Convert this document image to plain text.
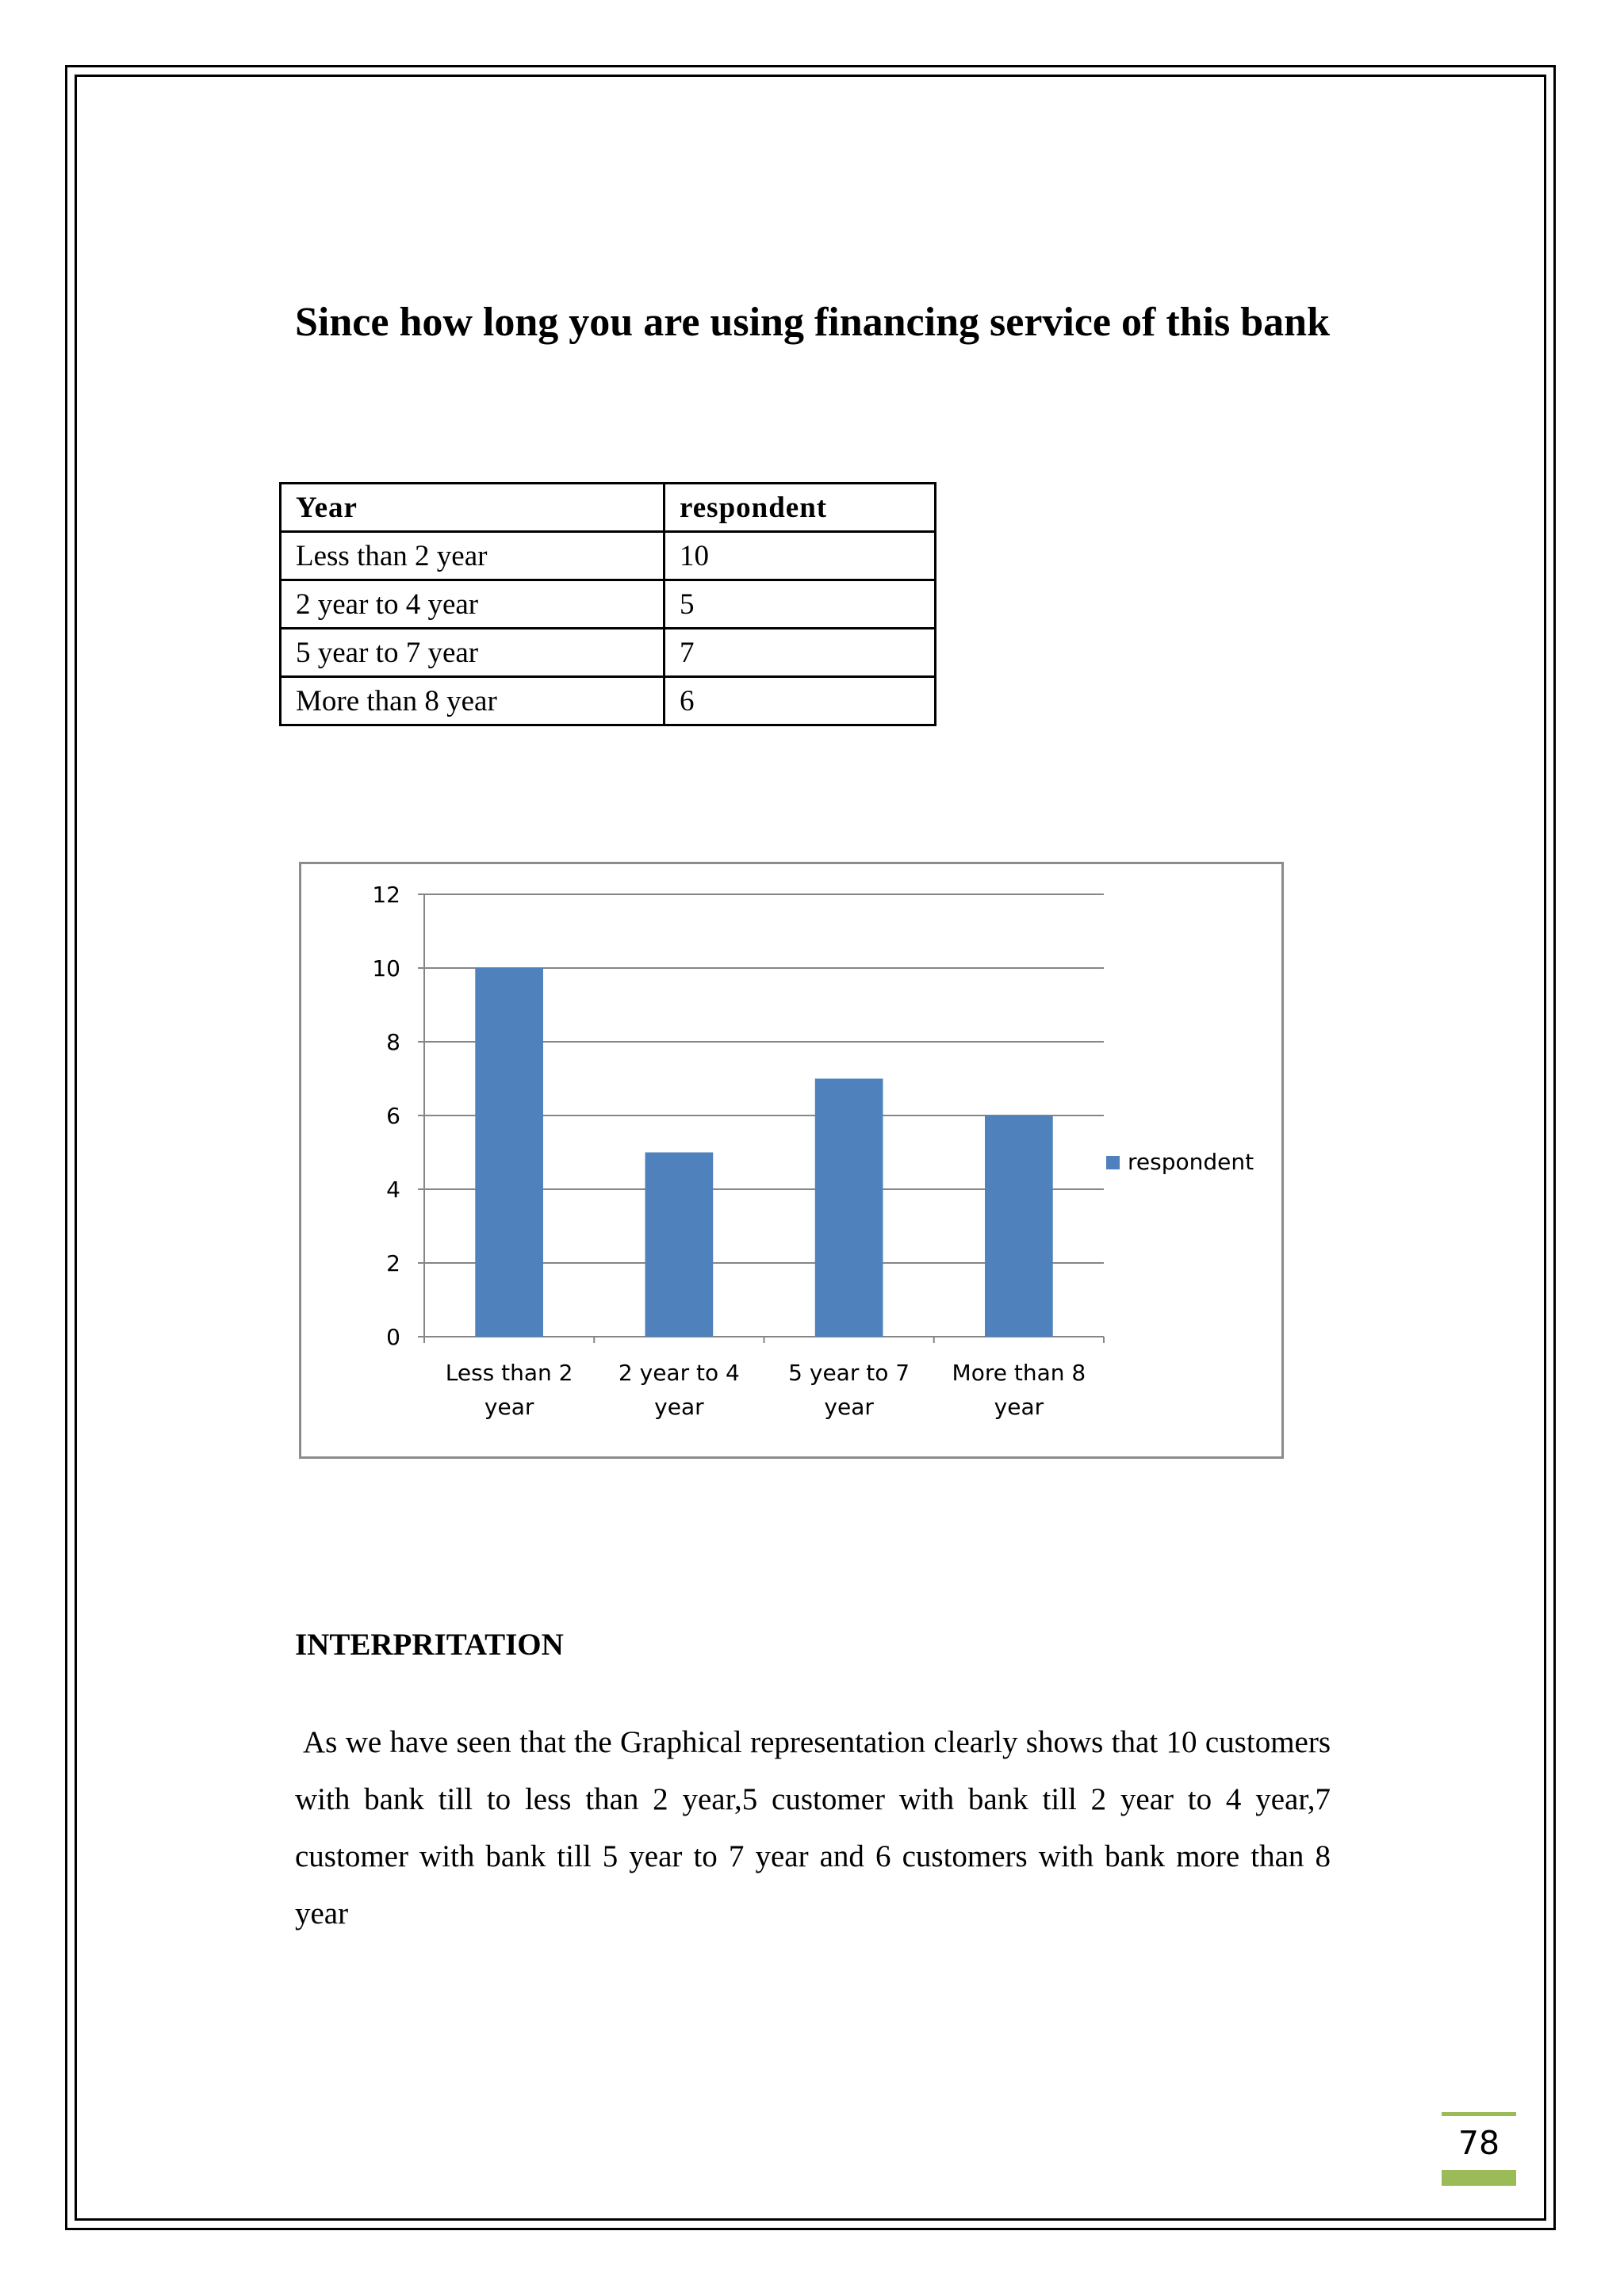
Since how long you are using financing service of this bank
Year	respondent
Less than 2 year	10
2 year to 4 year	5
5 year to 7 year	7
More than 8 year	6
0
2
4
6
8
10
12
Less than 2
year
2 year to 4
year
5 year to 7
year
More than 8
year
respondent
INTERPRITATION

As we have seen that the Graphical representation clearly shows that 10 customers with bank till to less than 2 year,5 customer with bank till 2 year to 4 year,7 customer with bank till 5 year to 7 year and 6 customers with bank more than 8 year

78
